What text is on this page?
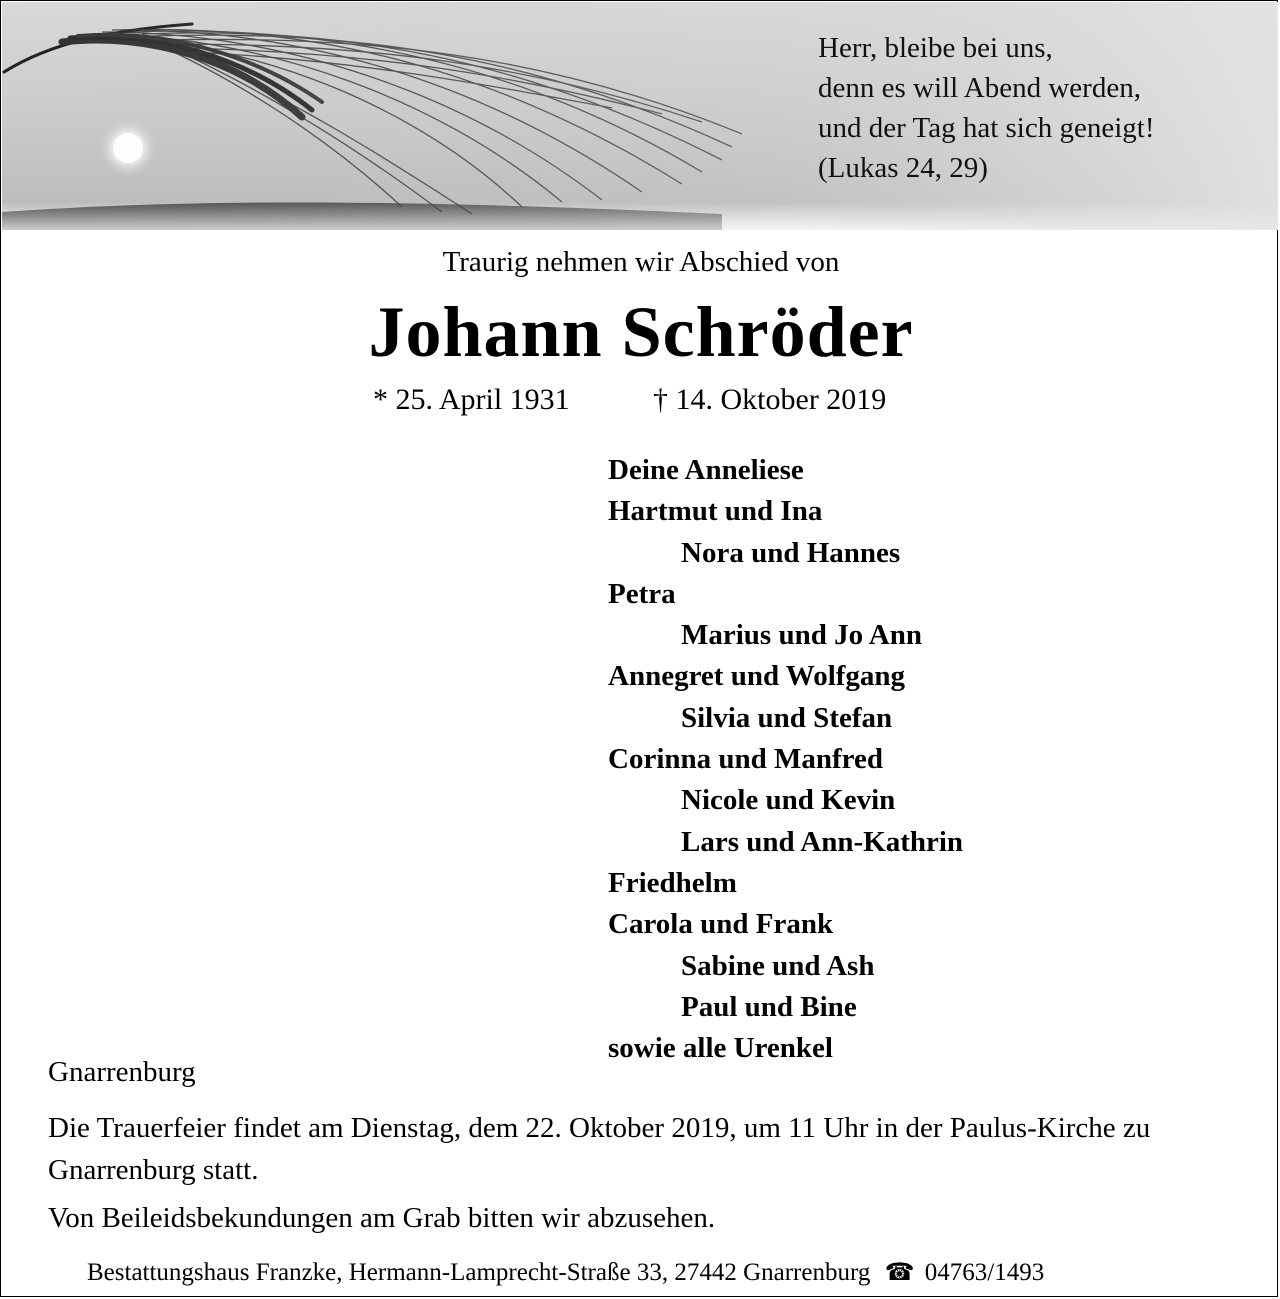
Herr, bleibe bei uns,
denn es will Abend werden,
und der Tag hat sich geneigt!
(Lukas 24, 29)
Traurig nehmen wir Abschied von
Johann Schröder
* 25. April 1931	† 14. Oktober 2019
Deine Anneliese
Hartmut und Ina
Nora und Hannes
Petra
Marius und Jo Ann
Annegret und Wolfgang
Silvia und Stefan
Corinna und Manfred
Nicole und Kevin
Lars und Ann-Kathrin
Friedhelm
Carola und Frank
Sabine und Ash
Paul und Bine
sowie alle Urenkel
Gnarrenburg

Die Trauerfeier findet am Dienstag, dem 22. Oktober 2019, um 11 Uhr in der Paulus-Kirche zu Gnarrenburg statt.

Von Beileidsbekundungen am Grab bitten wir abzusehen.
Bestattungshaus Franzke, Hermann-Lamprecht-Straße 33, 27442 Gnarrenburg ☎ 04763/1493
